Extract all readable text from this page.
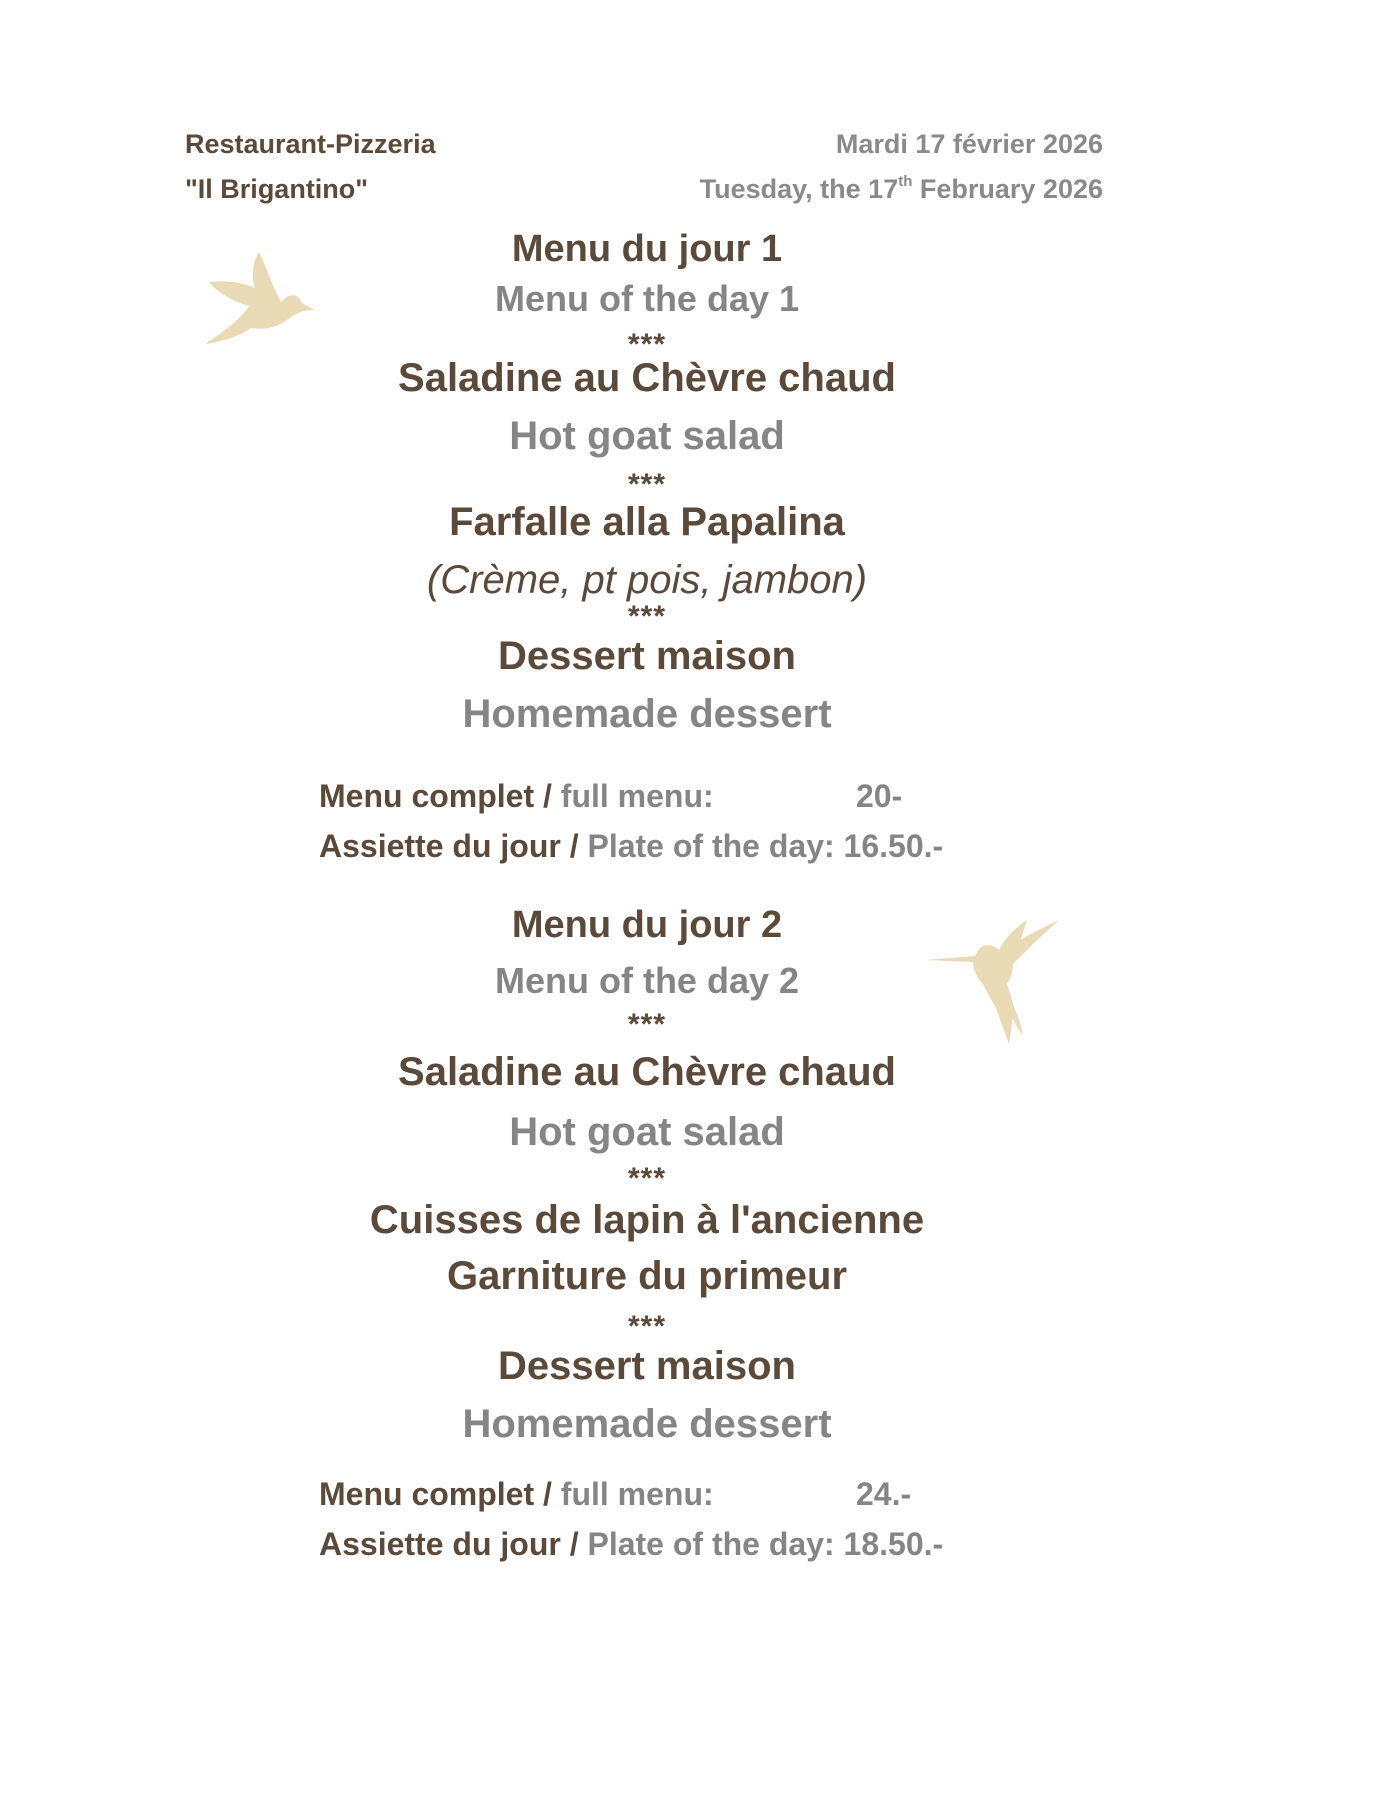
Restaurant-Pizzeria
"Il Brigantino"
Mardi 17 février 2026
Tuesday, the 17th February 2026
Menu du jour 1
Menu of the day 1
***
Saladine au Chèvre chaud
Hot goat salad
***
Farfalle alla Papalina
***
(Crème, pt pois, jambon)
Dessert maison
Homemade dessert
Menu complet / full menu:	20-
Assiette du jour / Plate of the day: 16.50.-
Menu du jour 2
Menu of the day 2
***
Saladine au Chèvre chaud
Hot goat salad
***
Cuisses de lapin à l'ancienne
Garniture du primeur
***
Dessert maison
Homemade dessert
Menu complet / full menu:	24.-
Assiette du jour / Plate of the day: 18.50.-
